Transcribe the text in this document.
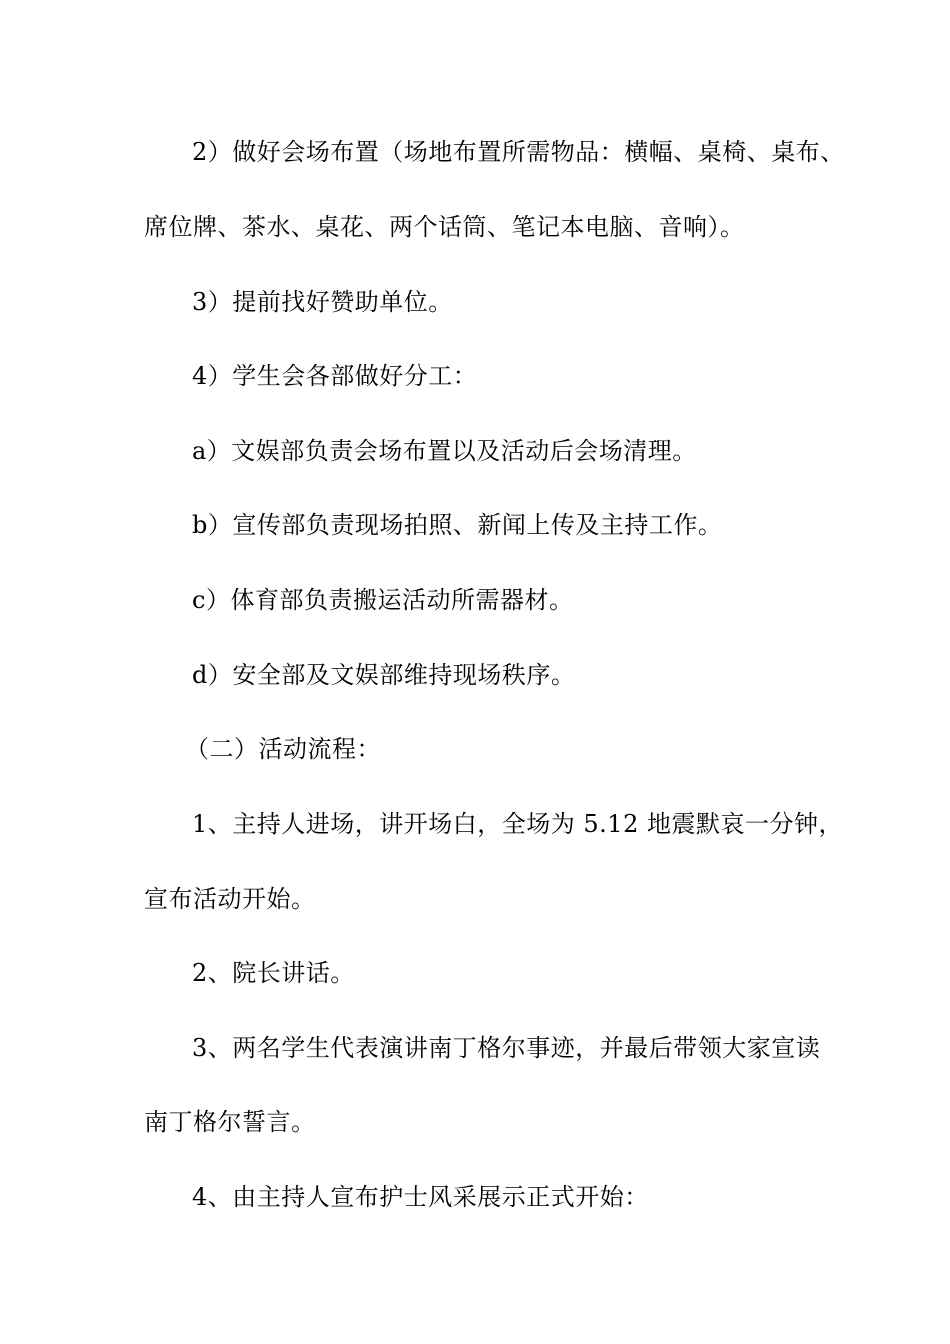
2）做好会场布置（场地布置所需物品：横幅、桌椅、桌布、
席位牌、茶水、桌花、两个话筒、笔记本电脑、音响）。
3）提前找好赞助单位。
4）学生会各部做好分工：
a）文娱部负责会场布置以及活动后会场清理。
b）宣传部负责现场拍照、新闻上传及主持工作。
c）体育部负责搬运活动所需器材。
d）安全部及文娱部维持现场秩序。
（二）活动流程：
1、主持人进场，讲开场白，全场为 5.12 地震默哀一分钟，
宣布活动开始。
2、院长讲话。
3、两名学生代表演讲南丁格尔事迹，并最后带领大家宣读
南丁格尔誓言。
4、由主持人宣布护士风采展示正式开始：
